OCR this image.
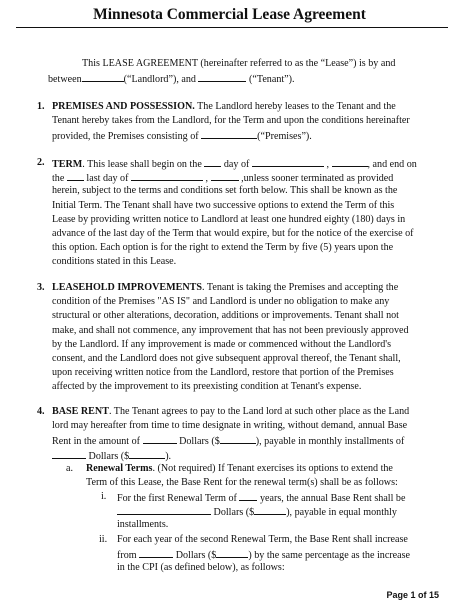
Minnesota Commercial Lease Agreement
This LEASE AGREEMENT (hereinafter referred to as the “Lease”) is by and
between	(“Landlord”), and	(“Tenant”).
1. PREMISES AND POSSESSION. The Landlord hereby leases to the Tenant and the
Tenant hereby takes from the Landlord, for the Term and upon the conditions hereinafter
provided, the Premises consisting of	(“Premises”).
2. TERM. This lease shall begin on the day of	,	, and end on
the last day of	,	,unless sooner terminated as provided
herein, subject to the terms and conditions set forth below. This shall be known as the
Initial Term. The Tenant shall have two successive options to extend the Term of this
Lease by providing written notice to Landlord at least one hundred eighty (180) days in
advance of the last day of the Term that would expire, but for the notice of the exercise of
this option. Each option is for the right to extend the Term by five (5) years upon the
conditions stated in this Lease.
3. LEASEHOLD IMPROVEMENTS. Tenant is taking the Premises and accepting the
condition of the Premises "AS IS" and Landlord is under no obligation to make any
structural or other alterations, decoration, additions or improvements. Tenant shall not
make, and shall not commence, any improvement that has not been previously approved
by the Landlord. If any improvement is made or commenced without the Landlord's
consent, and the Landlord does not give subsequent approval thereof, the Tenant shall,
upon receiving written notice from the Landlord, restore that portion of the Premises
affected by the improvement to its preexisting condition at Tenant's expense.
4. BASE RENT. The Tenant agrees to pay to the Land lord at such other place as the Land
lord may hereafter from time to time designate in writing, without demand, annual Base
Rent in the amount of	Dollars ($	), payable in monthly installments of
Dollars ($	).
a. Renewal Terms. (Not required) If Tenant exercises its options to extend the
Term of this Lease, the Base Rent for the renewal term(s) shall be as follows:
i. For the first Renewal Term of years, the annual Base Rent shall be
Dollars ($	), payable in equal monthly
installments.
ii. For each year of the second Renewal Term, the Base Rent shall increase
from	Dollars ($	) by the same percentage as the increase
in the CPI (as defined below), as follows:
Page 1 of 15
